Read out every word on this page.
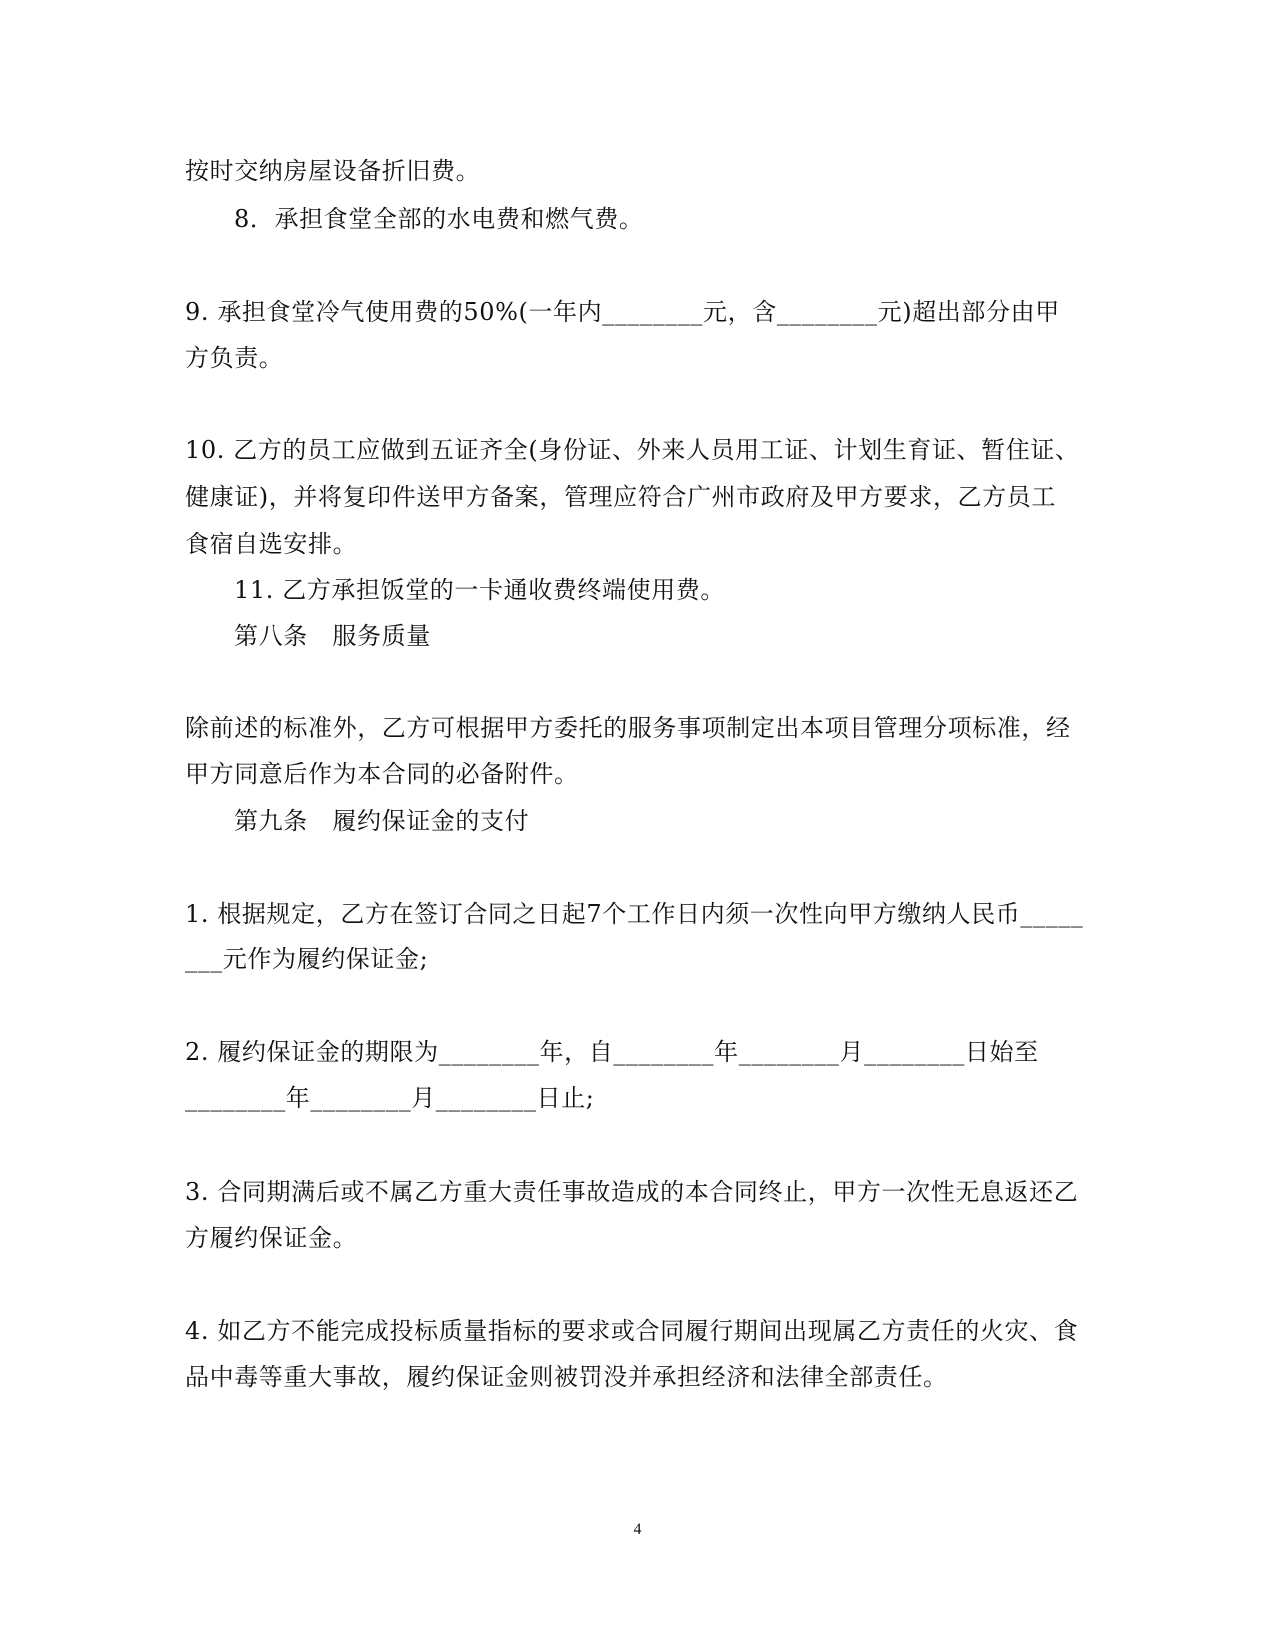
按时交纳房屋设备折旧费。
8．承担食堂全部的水电费和燃气费。
9. 承担食堂冷气使用费的50%(一年内________元，含________元)超出部分由甲
方负责。
10. 乙方的员工应做到五证齐全(身份证、外来人员用工证、计划生育证、暂住证、
健康证)，并将复印件送甲方备案，管理应符合广州市政府及甲方要求，乙方员工
食宿自选安排。
11. 乙方承担饭堂的一卡通收费终端使用费。
第八条　服务质量
除前述的标准外，乙方可根据甲方委托的服务事项制定出本项目管理分项标准，经
甲方同意后作为本合同的必备附件。
第九条　履约保证金的支付
1. 根据规定，乙方在签订合同之日起7个工作日内须一次性向甲方缴纳人民币_____
___元作为履约保证金;
2. 履约保证金的期限为________年，自________年________月________日始至
________年________月________日止;
3. 合同期满后或不属乙方重大责任事故造成的本合同终止，甲方一次性无息返还乙
方履约保证金。
4. 如乙方不能完成投标质量指标的要求或合同履行期间出现属乙方责任的火灾、食
品中毒等重大事故，履约保证金则被罚没并承担经济和法律全部责任。
4
